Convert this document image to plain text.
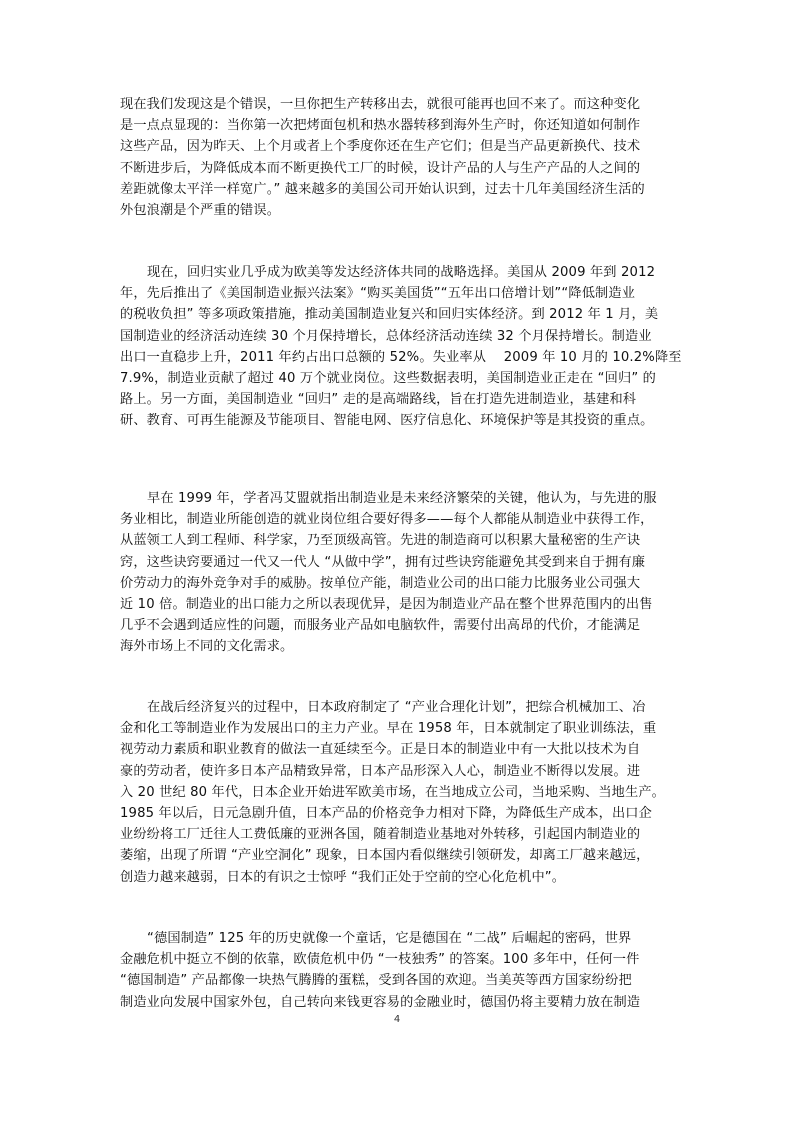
现在我们发现这是个错误，一旦你把生产转移出去，就很可能再也回不来了。而这种变化
是一点点显现的：当你第一次把烤面包机和热水器转移到海外生产时，你还知道如何制作
这些产品，因为昨天、上个月或者上个季度你还在生产它们；但是当产品更新换代、技术
不断进步后，为降低成本而不断更换代工厂的时候，设计产品的人与生产产品的人之间的
差距就像太平洋一样宽广。” 越来越多的美国公司开始认识到，过去十几年美国经济生活的
外包浪潮是个严重的错误。
现在，回归实业几乎成为欧美等发达经济体共同的战略选择。美国从 2009 年到 2012
年，先后推出了《美国制造业振兴法案》“购买美国货”“五年出口倍增计划”“降低制造业
的税收负担” 等多项政策措施，推动美国制造业复兴和回归实体经济。到 2012 年 1 月，美
国制造业的经济活动连续 30 个月保持增长，总体经济活动连续 32 个月保持增长。制造业
出口一直稳步上升，2011 年约占出口总额的 52%。失业率从　 2009 年 10 月的 10.2%降至
7.9%，制造业贡献了超过 40 万个就业岗位。这些数据表明，美国制造业正走在 “回归” 的
路上。另一方面，美国制造业 “回归” 走的是高端路线，旨在打造先进制造业，基建和科
研、教育、可再生能源及节能项目、智能电网、医疗信息化、环境保护等是其投资的重点。
早在 1999 年，学者冯艾盟就指出制造业是未来经济繁荣的关键，他认为，与先进的服
务业相比，制造业所能创造的就业岗位组合要好得多——每个人都能从制造业中获得工作，
从蓝领工人到工程师、科学家，乃至顶级高管。先进的制造商可以积累大量秘密的生产诀
窍，这些诀窍要通过一代又一代人 “从做中学”，拥有过些诀窍能避免其受到来自于拥有廉
价劳动力的海外竞争对手的威胁。按单位产能，制造业公司的出口能力比服务业公司强大
近 10 倍。制造业的出口能力之所以表现优异，是因为制造业产品在整个世界范围内的出售
几乎不会遇到适应性的问题，而服务业产品如电脑软件，需要付出高昂的代价，才能满足
海外市场上不同的文化需求。
在战后经济复兴的过程中，日本政府制定了 “产业合理化计划”，把综合机械加工、冶
金和化工等制造业作为发展出口的主力产业。早在 1958 年，日本就制定了职业训练法，重
视劳动力素质和职业教育的做法一直延续至今。正是日本的制造业中有一大批以技术为自
豪的劳动者，使许多日本产品精致异常，日本产品形深入人心，制造业不断得以发展。进
入 20 世纪 80 年代，日本企业开始进军欧美市场，在当地成立公司，当地采购、当地生产。
1985 年以后，日元急剧升值，日本产品的价格竞争力相对下降，为降低生产成本，出口企
业纷纷将工厂迁往人工费低廉的亚洲各国，随着制造业基地对外转移，引起国内制造业的
萎缩，出现了所谓 “产业空洞化” 现象，日本国内看似继续引领研发，却离工厂越来越远，
创造力越来越弱，日本的有识之士惊呼 “我们正处于空前的空心化危机中”。
“德国制造” 125 年的历史就像一个童话，它是德国在 “二战” 后崛起的密码，世界
金融危机中挺立不倒的依靠，欧债危机中仍 “一枝独秀” 的答案。100 多年中，任何一件
“德国制造” 产品都像一块热气腾腾的蛋糕，受到各国的欢迎。当美英等西方国家纷纷把
制造业向发展中国家外包，自己转向来钱更容易的金融业时，德国仍将主要精力放在制造
4
